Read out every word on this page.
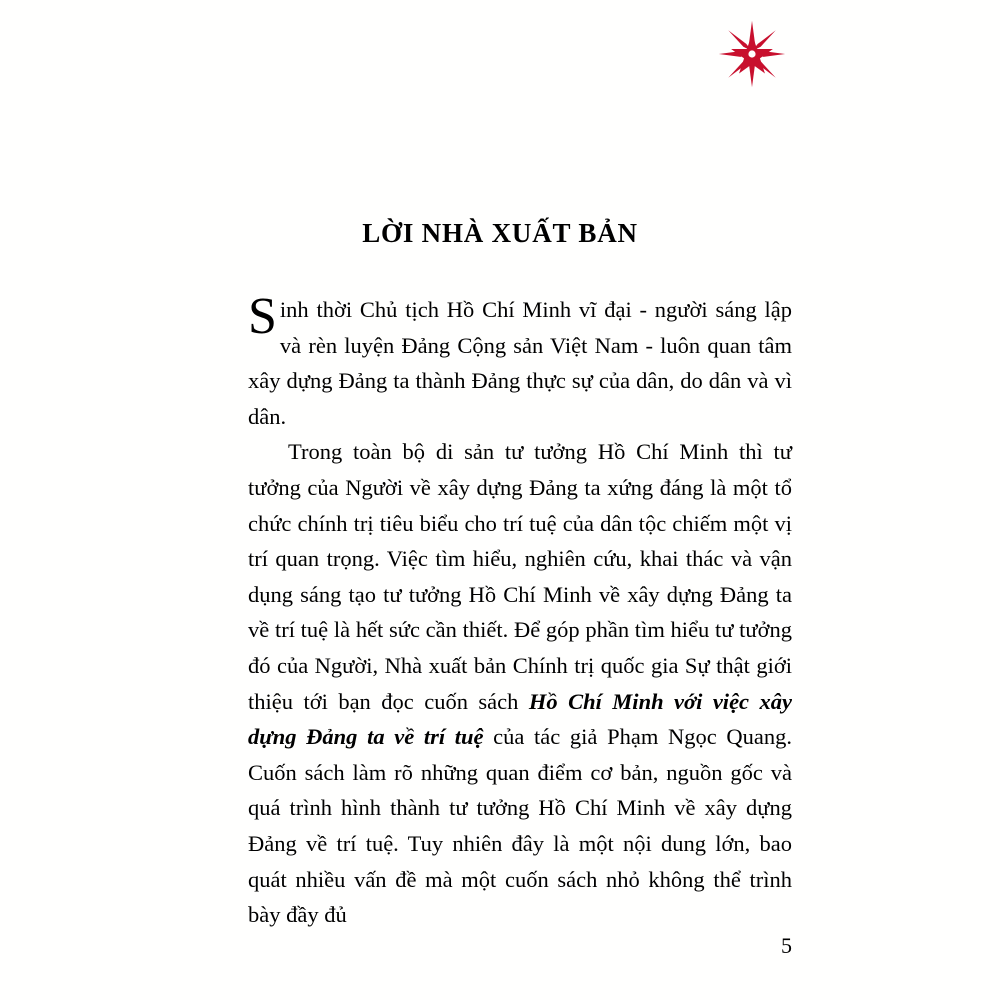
LỜI NHÀ XUẤT BẢN

Sinh thời Chủ tịch Hồ Chí Minh vĩ đại - người sáng lập và rèn luyện Đảng Cộng sản Việt Nam - luôn quan tâm xây dựng Đảng ta thành Đảng thực sự của dân, do dân và vì dân.

Trong toàn bộ di sản tư tưởng Hồ Chí Minh thì tư tưởng của Người về xây dựng Đảng ta xứng đáng là một tổ chức chính trị tiêu biểu cho trí tuệ của dân tộc chiếm một vị trí quan trọng. Việc tìm hiểu, nghiên cứu, khai thác và vận dụng sáng tạo tư tưởng Hồ Chí Minh về xây dựng Đảng ta về trí tuệ là hết sức cần thiết. Để góp phần tìm hiểu tư tưởng đó của Người, Nhà xuất bản Chính trị quốc gia Sự thật giới thiệu tới bạn đọc cuốn sách Hồ Chí Minh với việc xây dựng Đảng ta về trí tuệ của tác giả Phạm Ngọc Quang. Cuốn sách làm rõ những quan điểm cơ bản, nguồn gốc và quá trình hình thành tư tưởng Hồ Chí Minh về xây dựng Đảng về trí tuệ. Tuy nhiên đây là một nội dung lớn, bao quát nhiều vấn đề mà một cuốn sách nhỏ không thể trình bày đầy đủ

5
